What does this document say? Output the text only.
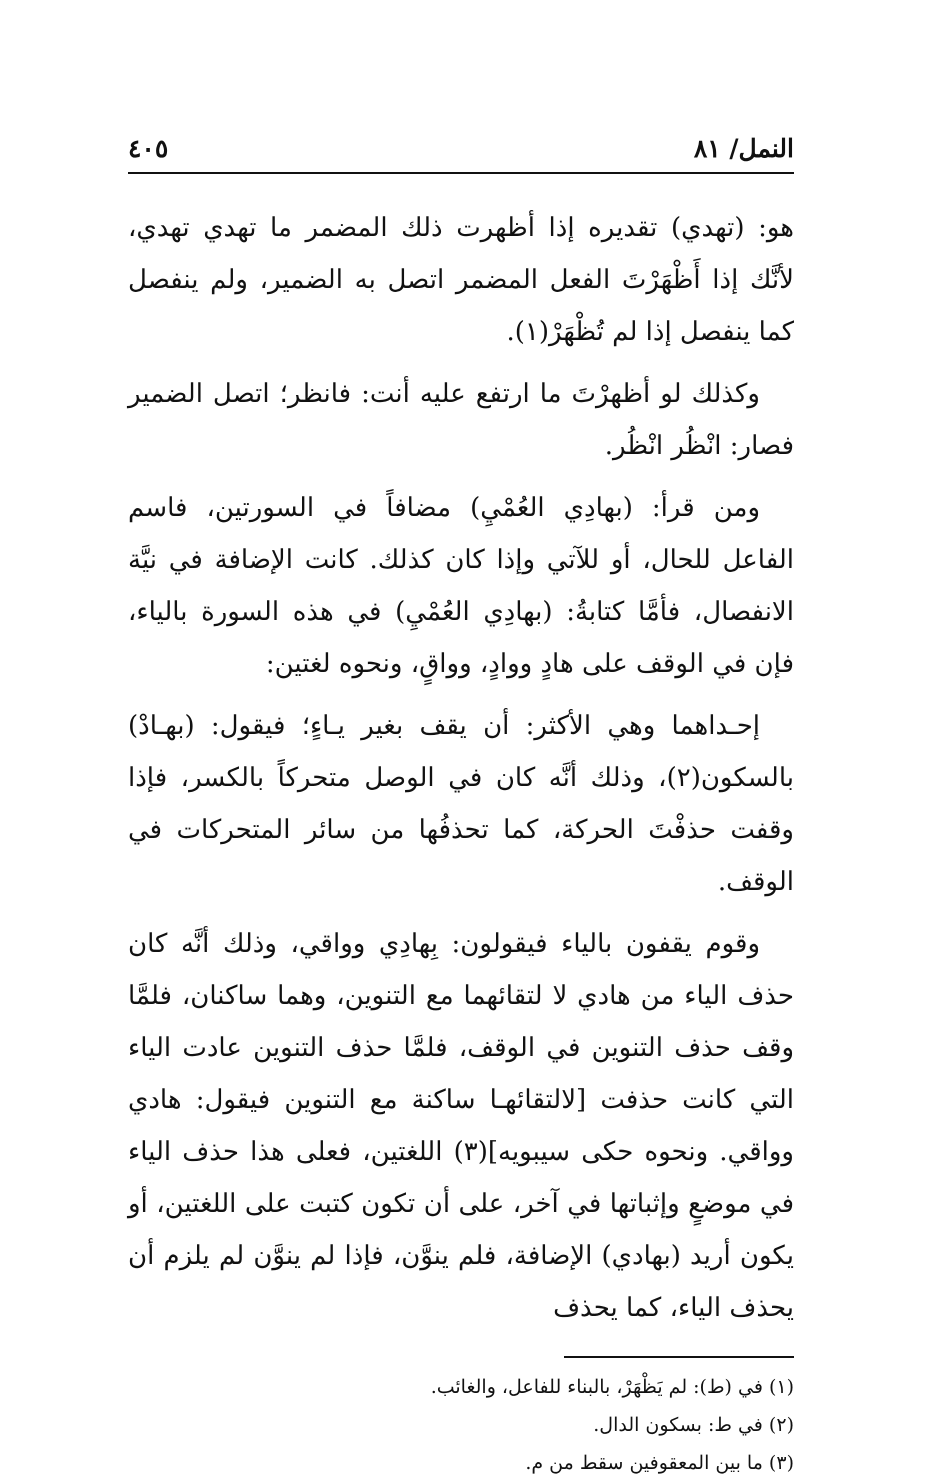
النمل/ ٨١
٤٠٥

هو: (تهدي) تقديره إذا أظهرت ذلك المضمر ما تهدي تهدي، لأنَّك إذا أَظْهَرْتَ الفعل المضمر اتصل به الضمير، ولم ينفصل كما ينفصل إذا لم تُظْهَرْ(١).

وكذلك لو أظهرْتَ ما ارتفع عليه أنت: فانظر؛ اتصل الضمير فصار: انْظُر انْظُر.

ومن قرأ: (بهادِي العُمْيِ) مضافاً في السورتين، فاسم الفاعل للحال، أو للآتي وإذا كان كذلك. كانت الإضافة في نيَّة الانفصال، فأمَّا كتابةُ: (بهادِي العُمْيِ) في هذه السورة بالياء، فإن في الوقف على هادٍ ووادٍ، وواقٍ، ونحوه لغتين:

إحـداهما وهي الأكثر: أن يقف بغير يـاءٍ؛ فيقول: (بهـادْ) بالسكون(٢)، وذلك أنَّه كان في الوصل متحركاً بالكسر، فإذا وقفت حذفْتَ الحركة، كما تحذفُها من سائر المتحركات في الوقف.

وقوم يقفون بالياء فيقولون: بِهادِي وواقي، وذلك أنَّه كان حذف الياء من هادي لا لتقائهما مع التنوين، وهما ساكنان، فلمَّا وقف حذف التنوين في الوقف، فلمَّا حذف التنوين عادت الياء التي كانت حذفت [لالتقائهـا ساكنة مع التنوين فيقول: هادي وواقي. ونحوه حكى سيبويه](٣) اللغتين، فعلى هذا حذف الياء في موضعٍ وإثباتها في آخر، على أن تكون كتبت على اللغتين، أو يكون أريد (بهادي) الإضافة، فلم ينوَّن، فإذا لم ينوَّن لم يلزم أن يحذف الياء، كما يحذف

(١) في (ط): لم يَظْهَرْ، بالبناء للفاعل، والغائب.

(٢) في ط: بسكون الدال.

(٣) ما بين المعقوفين سقط من م.
